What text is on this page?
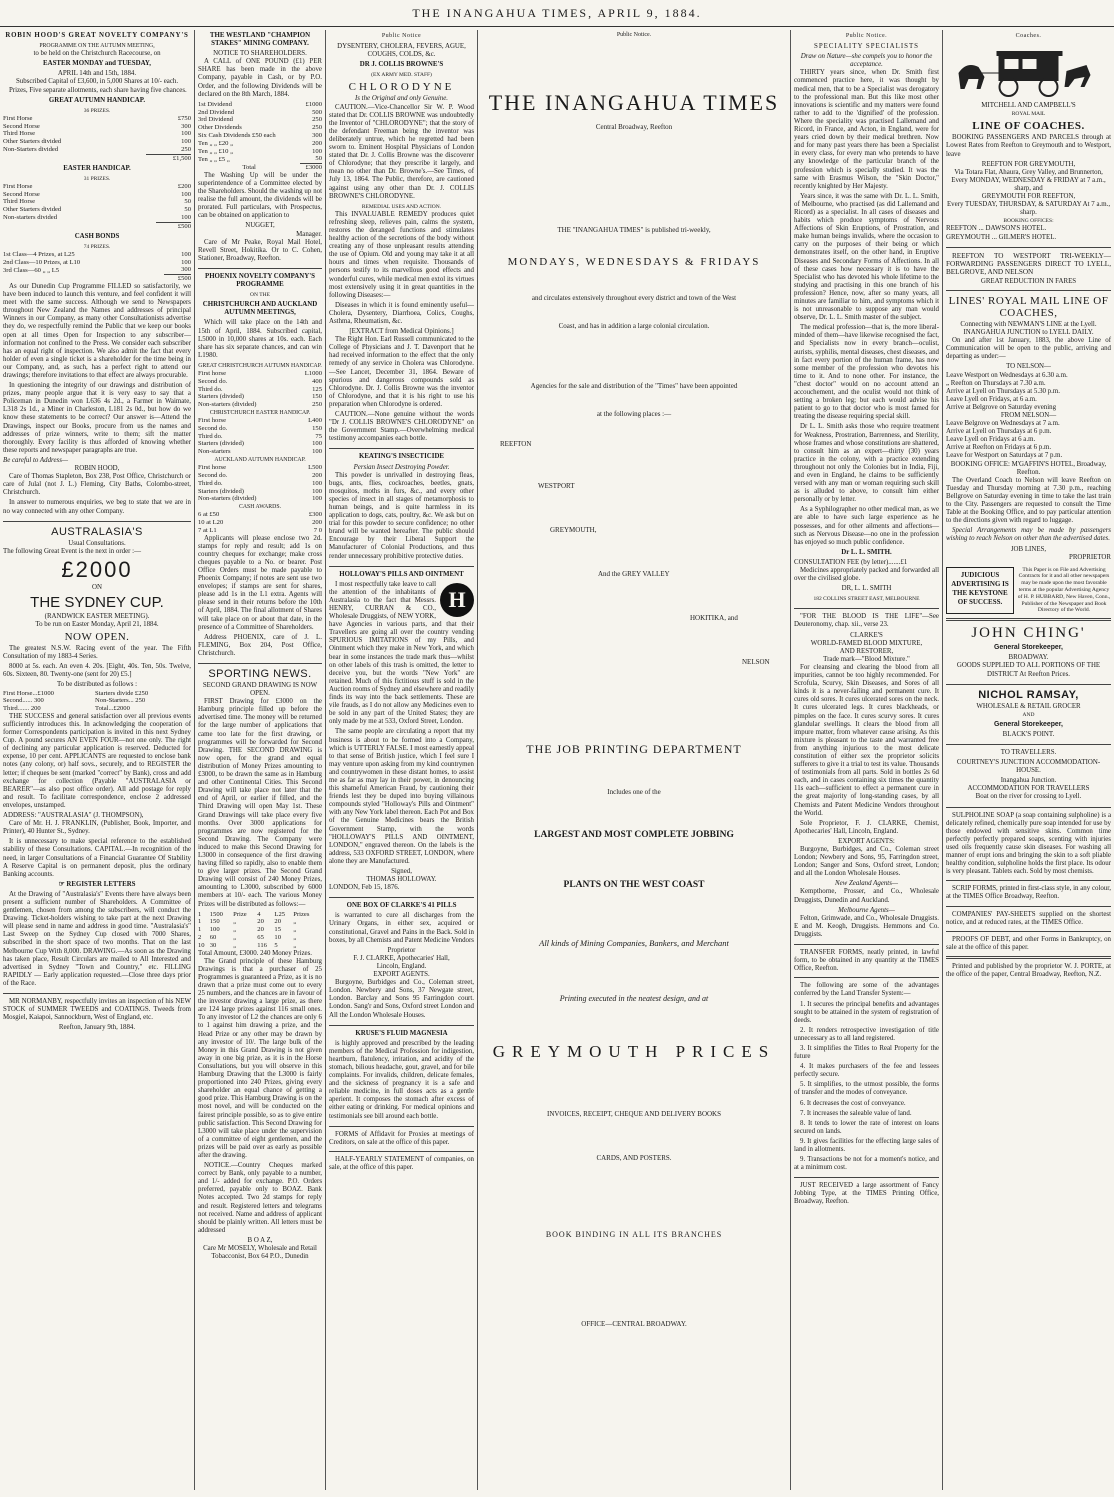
THE INANGAHUA TIMES, APRIL 9, 1884.
ROBIN HOOD'S GREAT NOVELTY COMPANY'S
PROGRAMME ON THE AUTUMN MEETING,
to be held on the Christchurch Racecourse, on
EASTER MONDAY and TUESDAY,
APRIL 14th and 15th, 1884.
Subscribed Capital of £3,600, in 5,000 Shares at 10/- each.
Prizes, Five separate allotments, each share having five chances.
GREAT AUTUMN HANDICAP.
36 PRIZES.
First Horse	£750
Second Horse	300
Third Horse	100
Other Starters divided	100
Non-Starters divided	250
	£1,500
EASTER HANDICAP.
31 PRIZES.
First Horse	£200
Second Horse	100
Third Horse	50
Other Starters divided	50
Non-starters divided	100
	£500
CASH BONDS
74 PRIZES.
1st Class—4 Prizes, at L25	100
2nd Class—10 Prizes, at L10	100
3rd Class—60 „ „ L5	300
	£500
As our Dunedin Cup Programme FILLED so satisfactorily, we have been induced to launch this venture, and feel confident it will meet with the same success. Although we send to Newspapers throughout New Zealand the Names and addresses of principal Winners in our Company, as many other Consultationists advertise they do, we respectfully remind the Public that we keep our books open at all times Open for Inspection to any subscriber—information not confined to the Press. We consider each subscriber has an equal right of inspection. We also admit the fact that every holder of even a single ticket is a shareholder for the time being in our Company, and, as such, has a perfect right to attend our drawings; therefore invitations to that effect are always procurable.
In questioning the integrity of our drawings and distribution of prizes, many people argue that it is very easy to say that a Policeman in Dunedin won L636 4s 2d., a Farmer in Waimate, L318 2s 1d., a Miner in Charleston, L181 2s 0d., but how do we know these statements to be correct? Our answer is—Attend the Drawings, inspect our Books, procure from us the names and addresses of prize winners, write to them; sift the matter thoroughly. Every facility is thus afforded of knowing whether these reports and newspaper paragraphs are true.
Be careful to Address—
ROBIN HOOD,
Care of Thomas Stapleton, Box 238, Post Office, Christchurch or care of Julal (not J. L.) Fleming, City Baths, Colombo-street, Christchurch.
In answer to numerous enquiries, we beg to state that we are in no way connected with any other Company.
AUSTRALASIA'S
Usual Consultations.
The following Great Event is the next in order :—
£2000
ON
THE SYDNEY CUP.
(RANDWICK EASTER MEETING).
To be run on Easter Monday, April 21, 1884.
NOW OPEN.
The greatest N.S.W. Racing event of the year. The Fifth Consultation of my 1883-4 Series.
8000 at 5s. each. An even 4. 20s. [Eight, 40s. Ten, 50s. Twelve, 60s. Sixteen, 80. Twenty-one (sent for 20) £5.]
To be distributed as follows :
First Horse...£1000	Starters divide £250
Second...... 300	Non-Starters... 250
Third....... 200	Total...£2000
THE SUCCESS and general satisfaction over all previous events sufficiently introduces this. In acknowledging the cooperation of former Correspondents participation is invited in this next Sydney Cup. A pound secures AN EVEN FOUR—not one only. The right of declining any particular application is reserved. Deducted for expense, 10 per cent. APPLICANTS are requested to enclose bank notes (any colony, or) half sovs., securely, and to REGISTER the letter; if cheques be sent (marked "correct" by Bank), cross and add exchange for collection (Payable "AUSTRALASIA or BEARER"—as also post office order). All add postage for reply and result. To facilitate correspondence, enclose 2 addressed envelopes, unstamped.
ADDRESS: "AUSTRALASIA" (J. THOMPSON),
Care of Mr. H. J. FRANKLIN, (Publisher, Book, Importer, and Printer), 40 Hunter St., Sydney.
It is unnecessary to make special reference to the established stability of these Consultations. CAPITAL.—In recognition of the need, in larger Consultations of a Financial Guarantee Of Stability A Reserve Capital is on permanent deposit, plus the ordinary Banking accounts.
☞ REGISTER LETTERS
At the Drawing of "Australasia's" Events there have always been present a sufficient number of Shareholders. A Committee of gentlemen, chosen from among the subscribers, will conduct the Drawing. Ticket-holders wishing to take part at the next Drawing will please send in name and address in good time. "Australasia's" Last Sweep on the Sydney Cup closed with 7000 Shares, subscribed in the short space of two months. That on the last Melbourne Cup With 8,000. DRAWING.—As soon as the Drawing has taken place, Result Circulars are mailed to All Interested and advertised in Sydney "Town and Country," etc. FILLING RAPIDLY — Early application requested.—Close three days prior of the Race.
MR NORMANBY, respectfully invites an inspection of his NEW STOCK of SUMMER TWEEDS and COATINGS. Tweeds from Mosgiel, Kaiapoi, Sannockburn, West of England, etc.
Reefton, January 9th, 1884.
THE WESTLAND "CHAMPION STAKES" MINING COMPANY.
NOTICE TO SHAREHOLDERS.
A CALL of ONE POUND (£1) PER SHARE has been made in the above Company, payable in Cash, or by P.O. Order, and the following Dividends will be declared on the 8th March, 1884.
1st Dividend	£1000
2nd Dividend	500
3rd Dividend	250
Other Dividends	250
Six Cash Dividends £50 each	300
Ten „ „ £20 „	200
Ten „ „ £10 „	100
Ten „ „ £5 „	50
Total	£3000
The Washing Up will be under the superintendence of a Committee elected by the Shareholders. Should the washing up not realise the full amount, the dividends will be prorated. Full particulars, with Prospectus, can be obtained on application to
NUGGET,
Manager.
Care of Mr Peake, Royal Mail Hotel, Revell Street, Hokitika. Or to C. Cohen, Stationer, Broadway, Reefton.
PHOENIX NOVELTY COMPANY'S PROGRAMME
ON THE
CHRISTCHURCH AND AUCKLAND AUTUMN MEETINGS,
Which will take place on the 14th and 15th of April, 1884. Subscribed capital, L5000 in 10,000 shares at 10s. each. Each share has six separate chances, and can win L1980.
GREAT CHRISTCHURCH AUTUMN HANDICAP.
First horse	L1000
Second do.	400
Third do.	125
Starters (divided)	150
Non-starters (divided)	250
CHRISTCHURCH EASTER HANDICAP.
First horse	L400
Second do.	150
Third do.	75
Starters (divided)	100
Non-starters	100
AUCKLAND AUTUMN HANDICAP.
First horse	L500
Second do.	200
Third do.	100
Starters (divided)	100
Non-starters (divided)	100
CASH AWARDS.
6 at £50	£300
10 at L20	200
7 at L1	7 0
Applicants will please enclose two 2d. stamps for reply and result; add 1s on country cheques for exchange; make cross cheques payable to a No. or bearer. Post Office Orders must be made payable to Phoenix Company; if notes are sent use two envelopes; if stamps are sent for shares, please add 1s in the L1 extra. Agents will please send in their returns before the 10th of April, 1884. The final allotment of Shares will take place on or about that date, in the presence of a Committee of Shareholders.
Address PHOENIX, care of J. L. FLEMING, Box 204, Post Office, Christchurch.
SPORTING NEWS.
SECOND GRAND DRAWING IS NOW OPEN.
FIRST Drawing for £3000 on the Hamburg principle filled up before the advertised time. The money will be returned for the large number of applications that came too late for the first drawing, or programmes will be forwarded for Second Drawing. THE SECOND DRAWING is now open, for the grand and equal distribution of Money Prizes amounting to £3000, to be drawn the same as in Hamburg and other Continental Cities. This Second Drawing will take place not later that the end of April, or earlier if filled, and the Third Drawing will open May 1st. These Grand Drawings will take place every five months. Over 3000 applications for programmes are now registered for the Second Drawing. The Company were induced to make this Second Drawing for L3000 in consequence of the first drawing having filled so rapidly, also to enable them to give larger prizes. The Second Grand Drawing will consist of 240 Money Prizes, amounting to L3000, subscribed by 6000 members at 10/- each. The various Money Prizes will be distributed as follows:—
1	1500	Prize	4	L25	Prizes
1	150	„	20	20	„
1	100	„	20	15	„
2	60	„	65	10	„
10	30	„	116	5	„
Total Amount, £3000. 240 Money Prizes.
The Grand principle of these Hamburg Drawings is that a purchaser of 25 Programmes is guaranteed a Prize, as it is no drawn that a prize must come out to every 25 numbers, and the chances are in favour of the investor drawing a large prize, as there are 124 large prizes against 116 small ones. To any investor of L2 the chances are only 6 to 1 against him drawing a prize, and the Head Prize or any other may be drawn by any investor of 10/. The large bulk of the Money in this Grand Drawing is not given away in one big prize, as it is in the Horse Consultations, but you will observe in this Hamburg Drawing that the L3000 is fairly proportioned into 240 Prizes, giving every shareholder an equal chance of getting a good prize. This Hamburg Drawing is on the most novel, and will be conducted on the fairest principle possible, so as to give entire public satisfaction. This Second Drawing for L3000 will take place under the supervision of a committee of eight gentlemen, and the prizes will be paid over as early as possible after the drawing.
NOTICE.—Country Cheques marked correct by Bank, only payable to a number, and 1/- added for exchange. P.O. Orders preferred, payable only to BOAZ. Bank Notes accepted. Two 2d stamps for reply and result. Registered letters and telegrams not received. Name and address of applicant should be plainly written. All letters must be addressed
B O A Z,
Care Mr MOSELY, Wholesale and Retail Tobacconist, Box 64 P.O., Dunedin
Public Notice
DYSENTERY, CHOLERA, FEVERS, AGUE, COUGHS, COLDS, &c.
DR J. COLLIS BROWNE'S
(EX ARMY MED. STAFF)
CHLORODYNE
Is the Original and only Genuine.
CAUTION.—Vice-Chancellor Sir W. P. Wood stated that Dr. COLLIS BROWNE was undoubtedly the Inventor of "CHLORODYNE"; that the story of the defendant Freeman being the inventor was deliberately untrue, which he regretted had been sworn to. Eminent Hospital Physicians of London stated that Dr. J. Collis Browne was the discoverer of Chlorodyne; that they prescribe it largely, and mean no other than Dr. Browne's.—See Times, of July 13, 1864. The Public, therefore, are cautioned against using any other than Dr. J. COLLIS BROWNE'S CHLORODYNE.
REMEDIAL USES AND ACTION.
This INVALUABLE REMEDY produces quiet refreshing sleep, relieves pain, calms the system, restores the deranged functions and stimulates healthy action of the secretions of the body without creating any of those unpleasant results attending the use of Opium. Old and young may take it at all hours and times when requisite. Thousands of persons testify to its marvellous good effects and wonderful cures, while medical men extol its virtues most extensively using it in great quantities in the following Diseases:—
Diseases in which it is found eminently useful—Cholera, Dysentery, Diarrhoea, Colics, Coughs, Asthma, Rheumatism, &c.
[EXTRACT from Medical Opinions.]
The Right Hon. Earl Russell communicated to the College of Physicians and J. T. Davenport that he had received information to the effect that the only remedy of any service in Cholera was Chlorodyne.—See Lancet, December 31, 1864. Beware of spurious and dangerous compounds sold as Chlorodyne. Dr. J. Collis Browne was the inventor of Chlorodyne, and that it is his right to use his preparation when Chlorodyne is ordered.
CAUTION.—None genuine without the words "Dr J. COLLIS BROWNE'S CHLORODYNE" on the Government Stamp.—Overwhelming medical testimony accompanies each bottle.
KEATING'S INSECTICIDE
Persian Insect Destroying Powder.
This powder is unrivalled in destroying fleas, bugs, ants, flies, cockroaches, beetles, gnats, mosquitos, moths in furs, &c., and every other species of insect in all stages of metamorphosis to human beings, and is quite harmless in its application to dogs, cats, poultry, &c. We ask but on trial for this powder to secure confidence; no other brand will be wanted hereafter. The public should Encourage by their Liberal Support the Manufacturer of Colonial Productions, and thus render unnecessary prohibitive protective duties.
HOLLOWAY'S PILLS AND OINTMENT
H
I most respectfully take leave to call the attention of the inhabitants of Australasia to the fact that Messrs. HENRY, CURRAN & CO., Wholesale Druggists, of NEW YORK, have Agencies in various parts, and that their Travellers are going all over the country vending SPURIOUS IMITATIONS of my Pills, and Ointment which they make in New York, and which bear in some instances the trade mark thus—whilst on other labels of this trash is omitted, the letter to deceive you, but the words "New York" are retained. Much of this fictitious stuff is sold in the Auction rooms of Sydney and elsewhere and readily finds its way into the back settlements. These are vile frauds, as I do not allow any Medicines even to be sold in any part of the United States; they are only made by me at 533, Oxford Street, London.
The same people are circulating a report that my business is about to be formed into a Company, which is UTTERLY FALSE. I most earnestly appeal to that sense of British justice, which I feel sure I may venture upon asking from my kind countrymen and countrywomen in these distant homes, to assist me as far as may lay in their power, in denouncing this shameful American Fraud, by cautioning their friends lest they be duped into buying villainous compounds styled "Holloway's Pills and Ointment" with any New York label thereon. Each Pot and Box of the Genuine Medicines bears the British Government Stamp, with the words "HOLLOWAY'S PILLS AND OINTMENT, LONDON," engraved thereon. On the labels is the address, 533 OXFORD STREET, LONDON, where alone they are Manufactured.
Signed,
THOMAS HOLLOWAY.
LONDON, Feb 15, 1876.
ONE BOX OF CLARKE'S 41 PILLS
is warranted to cure all discharges from the Urinary Organs, in either sex, acquired or constitutional, Gravel and Pains in the Back. Sold in boxes, by all Chemists and Patent Medicine Vendors
Proprietor
F. J. CLARKE, Apothecaries' Hall,
Lincoln, England.
EXPORT AGENTS.
Burgoyne, Burbidges and Co., Coleman street, London. Newbery and Sons, 37 Newgate street, London. Barclay and Sons 95 Farringdon court. London. Sang'r and Sons, Oxford street London and All the London Wholesale Houses.
KRUSE'S FLUID MAGNESIA
is highly approved and prescribed by the leading members of the Medical Profession for indigestion, heartburn, flatulency, irritation, and acidity of the stomach, bilious headache, gout, gravel, and for bile complaints. For invalids, children, delicate females, and the sickness of pregnancy it is a safe and reliable medicine, in full doses acts as a gentle aperient. It composes the stomach after excess of either eating or drinking. For medical opinions and testimonials see bill around each bottle.
FORMS of Affidavit for Proxies at meetings of Creditors, on sale at the office of this paper.
HALF-YEARLY STATEMENT of companies, on sale, at the office of this paper.
Public Notice.
THE INANGAHUA TIMES
Central Broadway, Reefton
THE "INANGAHUA TIMES" is published tri-weekly,
MONDAYS, WEDNESDAYS & FRIDAYS
and circulates extensively throughout every district and town of the West
Coast, and has in addition a large colonial circulation.
Agencies for the sale and distribution of the "Times" have been appointed
at the following places :—
REEFTON
WESTPORT
GREYMOUTH,
And the GREY VALLEY
HOKITIKA, and
NELSON
THE JOB PRINTING DEPARTMENT
Includes one of the
LARGEST AND MOST COMPLETE JOBBING
PLANTS ON THE WEST COAST
All kinds of Mining Companies, Bankers, and Merchant
Printing executed in the neatest design, and at
GREYMOUTH PRICES
INVOICES, RECEIPT, CHEQUE AND DELIVERY BOOKS
CARDS, AND POSTERS.
BOOK BINDING IN ALL ITS BRANCHES
OFFICE—CENTRAL BROADWAY.
Public Notice.
SPECIALITY SPECIALISTS
Draw on Nature—she compels you to honor the acceptance.
THIRTY years since, when Dr. Smith first commenced practice here, it was thought by medical men, that to be a Specialist was derogatory to the professional man. But this like most other innovations is scientific and my matters were found rather to add to the 'dignified' of the profession. Where the speciality was practised Lallemand and Ricord, in France, and Acton, in England, were for years cried down by their medical brethren. Now and for many past years there has been a Specialist in every class, for every man who pretends to have any knowledge of the particular branch of the profession which is specially studied. It was the same with Erasmus Wilson, the "Skin Doctor," recently knighted by Her Majesty.
Years since, it was the same with Dr. L. L. Smith, of Melbourne, who practised (as did Lallemand and Ricord) as a specialist. In all cases of diseases and habits which produce symptoms of Nervous Affections of Skin Eruptions, of Prostration, and make human beings invalids, where the occasion to carry on the purposes of their being or which demonstrates itself, on the other hand, in Eruptive Diseases and Secondary Forms of Affections. In all of these cases how necessary it is to have the Specialist who has devoted his whole lifetime to the studying and practising in this one branch of his profession? Hence, now, after so many years, all minutes are familiar to him, and symptoms which it is not unreasonable to suppose any man would observe, Dr. L. L. Smith master of the subject.
The medical profession—that is, the more liberal-minded of them—have likewise recognised the fact, and Specialists now in every branch—oculist, aurists, syphilis, mental diseases, chest diseases, and in fact every portion of the human frame, has now some member of the profession who devotes his time to it. And to none other. For instance, the "chest doctor" would on no account attend an accouchement, and the oculist would not think of setting a broken leg; but each would advise his patient to go to that doctor who is most famed for treating the disease requiring special skill.
Dr L. L. Smith asks those who require treatment for Weakness, Prostration, Barrenness, and Sterility, whose frames and whose constitutions are shattered, to consult him as an expert—thirty (30) years practice in the colony, with a practice extending throughout not only the Colonies but in India, Fiji, and even in England, he claims to be sufficiently versed with any man or woman requiring such skill as is alluded to above, to consult him either personally or by letter.
As a Syphilographer no other medical man, as we are able to have such large experience as he possesses, and for other ailments and affections—such as Nervous Disease—no one in the profession has enjoyed so much public confidence.
Dr L. L. SMITH.
CONSULTATION FEE (by letter).......£1
Medicines appropriately packed and forwarded all over the civilised globe.
DR, L. L. SMITH
182 COLLINS STREET EAST, MELBOURNE
"FOR THE BLOOD IS THE LIFE"—See Deuteronomy, chap. xii., verse 23.
CLARKE'S
WORLD-FAMED BLOOD MIXTURE,
AND RESTORER,
Trade mark—"Blood Mixture."
For cleansing and clearing the blood from all impurities, cannot be too highly recommended. For Scrofula, Scurvy, Skin Diseases, and Sores of all kinds it is a never-failing and permanent cure. It cures old sores. It cures ulcerated sores on the neck. It cures ulcerated legs. It cures blackheads, or pimples on the face. It cures scurvy sores. It cures glandular swellings. It clears the blood from all impure matter, from whatever cause arising. As this mixture is pleasant to the taste and warranted free from anything injurious to the most delicate constitution of either sex the proprietor solicits sufferers to give it a trial to test its value. Thousands of testimonials from all parts. Sold in bottles 2s 6d each, and in cases containing six times the quantity 11s each—sufficient to effect a permanent cure in the great majority of long-standing cases, by all Chemists and Patent Medicine Vendors throughout the World.
Sole Proprietor, F. J. CLARKE, Chemist, Apothecaries' Hall, Lincoln, England.
EXPORT AGENTS:
Burgoyne, Burbidges, and Co., Coleman street London; Newbery and Sons, 95, Farringdon street, London; Sanger and Sons, Oxford street, London; and all the London Wholesale Houses.
New Zealand Agents—
Kempthorne, Prosser, and Co., Wholesale Druggists, Dunedin and Auckland.
Melbourne Agents—
Felton, Grimwade, and Co., Wholesale Druggists. E and M. Keogh, Druggists. Hemmons and Co. Druggists.
TRANSFER FORMS, neatly printed, in lawful form, to be obtained in any quantity at the TIMES Office, Reefton.
The following are some of the advantages conferred by the Land Transfer System:—
1. It secures the principal benefits and advantages sought to be attained in the system of registration of deeds.
2. It renders retrospective investigation of title unnecessary as to all land registered.
3. It simplifies the Titles to Real Property for the future
4. It makes purchasers of the fee and lessees perfectly secure.
5. It simplifies, to the utmost possible, the forms of transfer and the modes of conveyance.
6. It decreases the cost of conveyance.
7. It increases the saleable value of land.
8. It tends to lower the rate of interest on loans secured on lands.
9. It gives facilities for the effecting large sales of land in allotments.
9. Transactions be not for a moment's notice, and at a minimum cost.
JUST RECEIVED a large assortment of Fancy Jobbing Type, at the TIMES Printing Office, Broadway, Reefton.
Coaches.
MITCHELL AND CAMPBELL'S
ROYAL MAIL
LINE OF COACHES.
BOOKING PASSENGERS AND PARCELS through at Lowest Rates from Reefton to Greymouth and to Westport, leave
REEFTON FOR GREYMOUTH,
Via Totara Flat, Ahaura, Grey Valley, and Brunnerton,
Every MONDAY, WEDNESDAY & FRIDAY at 7 a.m., sharp, and
GREYMOUTH FOR REEFTON,
Every TUESDAY, THURSDAY, & SATURDAY At 7 a.m., sharp.
BOOKING OFFICES:
REEFTON ... DAWSON'S HOTEL.
GREYMOUTH ... GILMER'S HOTEL.
REEFTON TO WESTPORT TRI-WEEKLY—FORWARDING PASSENGERS DIRECT TO LYELL, BELGROVE, AND NELSON
GREAT REDUCTION IN FARES
LINES' ROYAL MAIL LINE OF COACHES,
Connecting with NEWMAN'S LINE at the Lyell.
INANGAHUA JUNCTION to LYELL DAILY.
On and after 1st January, 1883, the above Line of Communication will be open to the public, arriving and departing as under:—
TO NELSON—
Leave Westport on Wednesdays at 6.30 a.m.
„ Reefton on Thursdays at 7.30 a.m.
Arrive at Lyell on Thursdays at 5.30 p.m.
Leave Lyell on Fridays, at 6 a.m.
Arrive at Belgrove on Saturday evening
FROM NELSON—
Leave Belgrove on Wednesdays at 7 a.m.
Arrive at Lyell on Thursdays at 6 p.m.
Leave Lyell on Fridays at 6 a.m.
Arrive at Reefton on Fridays at 6 p.m.
Leave for Westport on Saturdays at 7 p.m.
BOOKING OFFICE: M'GAFFIN'S HOTEL, Broadway, Reefton.
The Overland Coach to Nelson will leave Reefton on Tuesday and Thursday morning at 7.30 p.m., reaching Bellgrove on Saturday evening in time to take the last train to the City. Passengers are requested to consult the Time Table at the Booking Office, and to pay particular attention to the directions given with regard to luggage.
Special Arrangements may be made by passengers wishing to reach Nelson on other than the advertised dates.
JOB LINES,
PROPRIETOR
JUDICIOUS ADVERTISING IS THE KEYSTONE OF SUCCESS.
This Paper is on File and Advertising Contracts for it and all other newspapers may be made upon the most favorable terms at the popular Advertising Agency of H. P. HUBBARD, New Haven, Conn., Publisher of the Newspaper and Book Directory of the World.
JOHN CHING'
General Storekeeper,
BROADWAY.
GOODS SUPPLIED TO ALL PORTIONS OF THE DISTRICT At Reefton Prices.
NICHOL RAMSAY,
WHOLESALE & RETAIL GROCER
AND
General Storekeeper,
BLACK'S POINT.
TO TRAVELLERS.
COURTNEY'S JUNCTION ACCOMMODATION-HOUSE.
Inangahua Junction.
ACCOMMODATION FOR TRAVELLERS
Boat on the river for crossing to Lyell.
SULPHOLINE SOAP (a soap containing sulpholine) is a delicately refined, chemically pure soap intended for use by those endowed with sensitive skins. Common time perfectly perfectly prepared soaps, scenting with injuries used oils frequently cause skin diseases. For washing all manner of erupt ions and bringing the skin to a soft pliable healthy condition, sulpholine holds the first place. Its odour is very pleasant. Tablets each. Sold by most chemists.
SCRIP FORMS, printed in first-class style, in any colour, at the TIMES Office Broadway, Reefton.
COMPANIES' PAY-SHEETS supplied on the shortest notice, and at reduced rates, at the TIMES Office.
PROOFS OF DEBT, and other Forms in Bankruptcy, on sale at the office of this paper.
Printed and published by the proprietor W. J. PORTE, at the office of the paper, Central Broadway, Reefton, N.Z.
